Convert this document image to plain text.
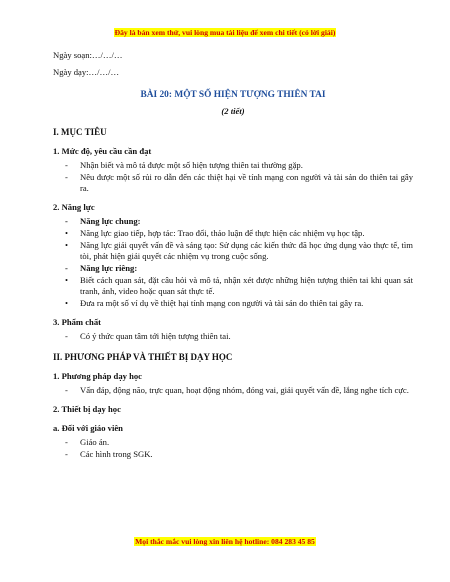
Đây là bản xem thử, vui lòng mua tài liệu để xem chi tiết (có lời giải)
Ngày soạn:…/…/…
Ngày dạy:…/…/…
BÀI 20: MỘT SỐ HIỆN TƯỢNG THIÊN TAI
(2 tiết)
I. MỤC TIÊU
1. Mức độ, yêu cầu cần đạt
- Nhận biết và mô tả được một số hiện tượng thiên tai thường gặp.
- Nêu được một số rủi ro dẫn đến các thiệt hại về tính mạng con người và tài sản do thiên tai gây ra.
2. Năng lực
- Năng lực chung:
• Năng lực giao tiếp, hợp tác: Trao đổi, thảo luận để thực hiện các nhiệm vụ học tập.
• Năng lực giải quyết vấn đề và sáng tạo: Sử dụng các kiến thức đã học ứng dụng vào thực tế, tìm tòi, phát hiện giải quyết các nhiệm vụ trong cuộc sống.
- Năng lực riêng:
• Biết cách quan sát, đặt câu hỏi và mô tả, nhận xét được những hiện tượng thiên tai khi quan sát tranh, ảnh, video hoặc quan sát thực tế.
• Đưa ra một số ví dụ về thiệt hại tính mạng con người và tài sản do thiên tai gây ra.
3. Phẩm chất
- Có ý thức quan tâm tới hiện tượng thiên tai.
II. PHƯƠNG PHÁP VÀ THIẾT BỊ DẠY HỌC
1. Phương pháp dạy học
- Vấn đáp, động não, trực quan, hoạt động nhóm, đóng vai, giải quyết vấn đề, lắng nghe tích cực.
2. Thiết bị dạy học
a. Đối với giáo viên
- Giáo án.
- Các hình trong SGK.
Mọi thắc mắc vui lòng xin liên hệ hotline: 084 283 45 85
